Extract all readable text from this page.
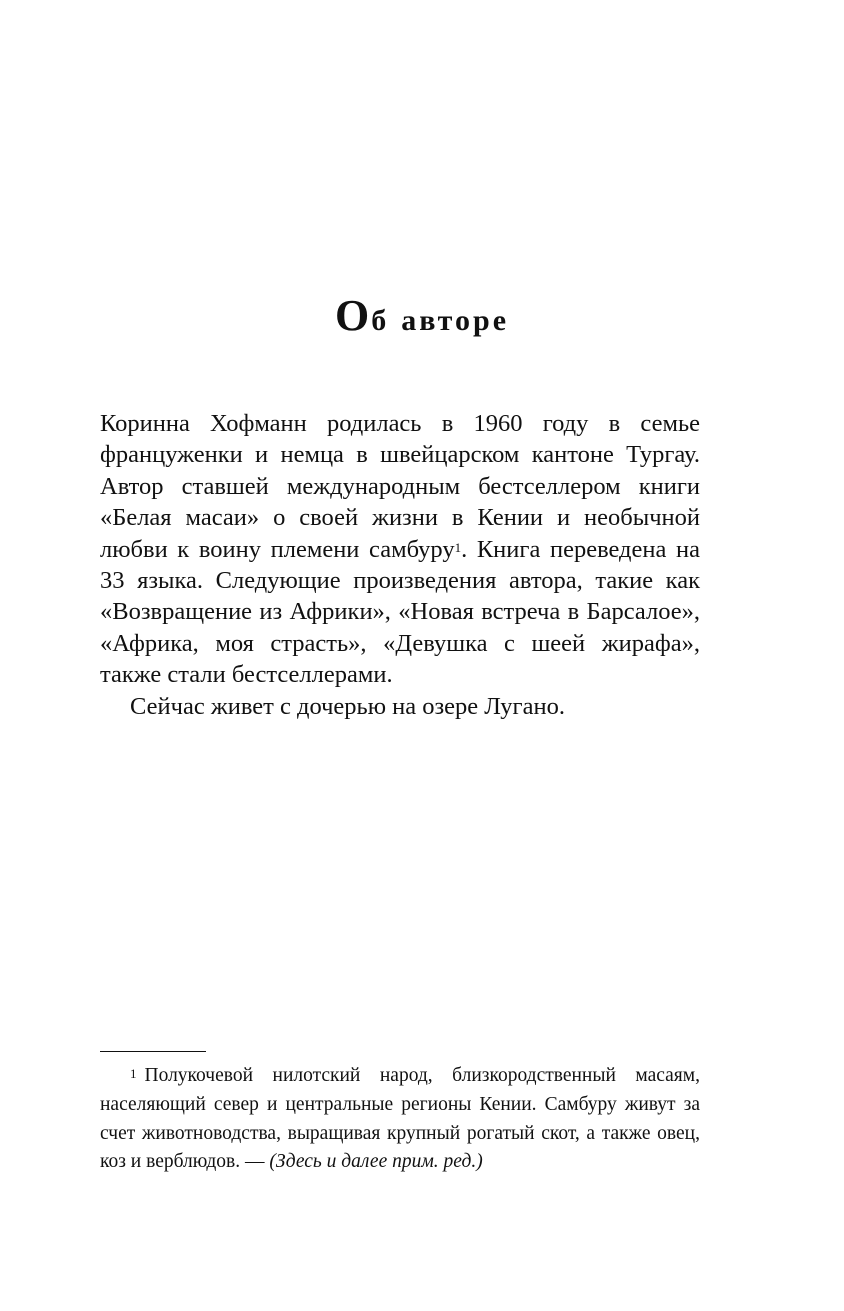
Об авторе

Коринна Хофманн родилась в 1960 году в семье француженки и немца в швейцарском кантоне Тургау. Автор ставшей международным бестселлером книги «Белая масаи» о своей жизни в Кении и необычной любви к воину племени самбуру$^1$. Книга переведена на 33 языка. Следующие произведения автора, такие как «Возвращение из Африки», «Новая встреча в Барсалое», «Африка, моя страсть», «Девушка с шеей жирафа», также стали бестселлерами.

Сейчас живет с дочерью на озере Лугано.

$^1$ Полукочевой нилотский народ, близкородственный масаям, населяющий север и центральные регионы Кении. Самбуру живут за счет животноводства, выращивая крупный рогатый скот, а также овец, коз и верблюдов. — (Здесь и далее прим. ред.)
